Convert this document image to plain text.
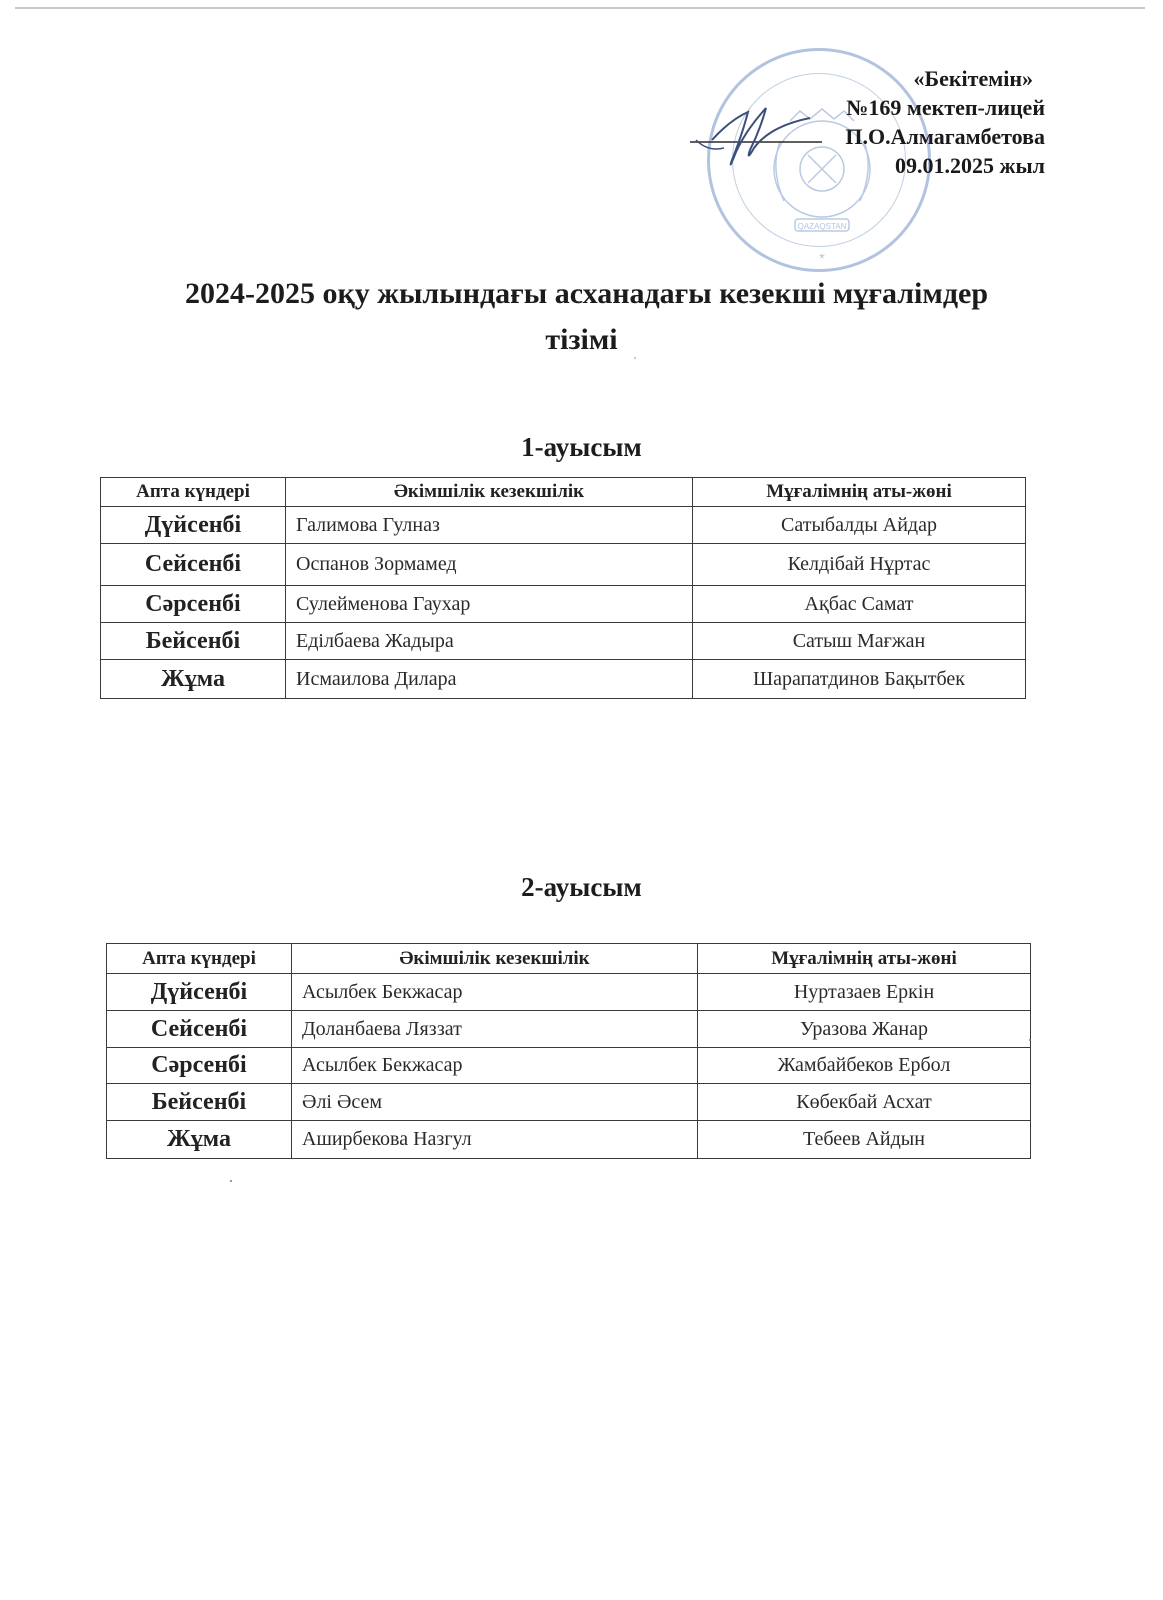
QAZAQSTAN
*
«Бекітемін»
№169 мектеп-лицей
П.О.Алмагамбетова
09.01.2025 жыл
2024-2025 оқу жылындағы асханадағы кезекші мұғалімдер
тізімі
1-ауысым
Апта күндері	Әкімшілік кезекшілік	Мұғалімнің аты-жөні
Дүйсенбі	Галимова Гулназ	Сатыбалды Айдар
Сейсенбі	Оспанов Зормамед	Келдібай Нұртас
Сәрсенбі	Сулейменова Гаухар	Ақбас Самат
Бейсенбі	Еділбаева Жадыра	Сатыш Мағжан
Жұма	Исмаилова Дилара	Шарапатдинов Бақытбек
2-ауысым
Апта күндері	Әкімшілік кезекшілік	Мұғалімнің аты-жөні
Дүйсенбі	Асылбек Бекжасар	Нуртазаев Еркін
Сейсенбі	Доланбаева Ляззат	Уразова Жанар
Сәрсенбі	Асылбек Бекжасар	Жамбайбеков Ербол
Бейсенбі	Әлі Әсем	Көбекбай Асхат
Жұма	Аширбекова Назгул	Тебеев Айдын
